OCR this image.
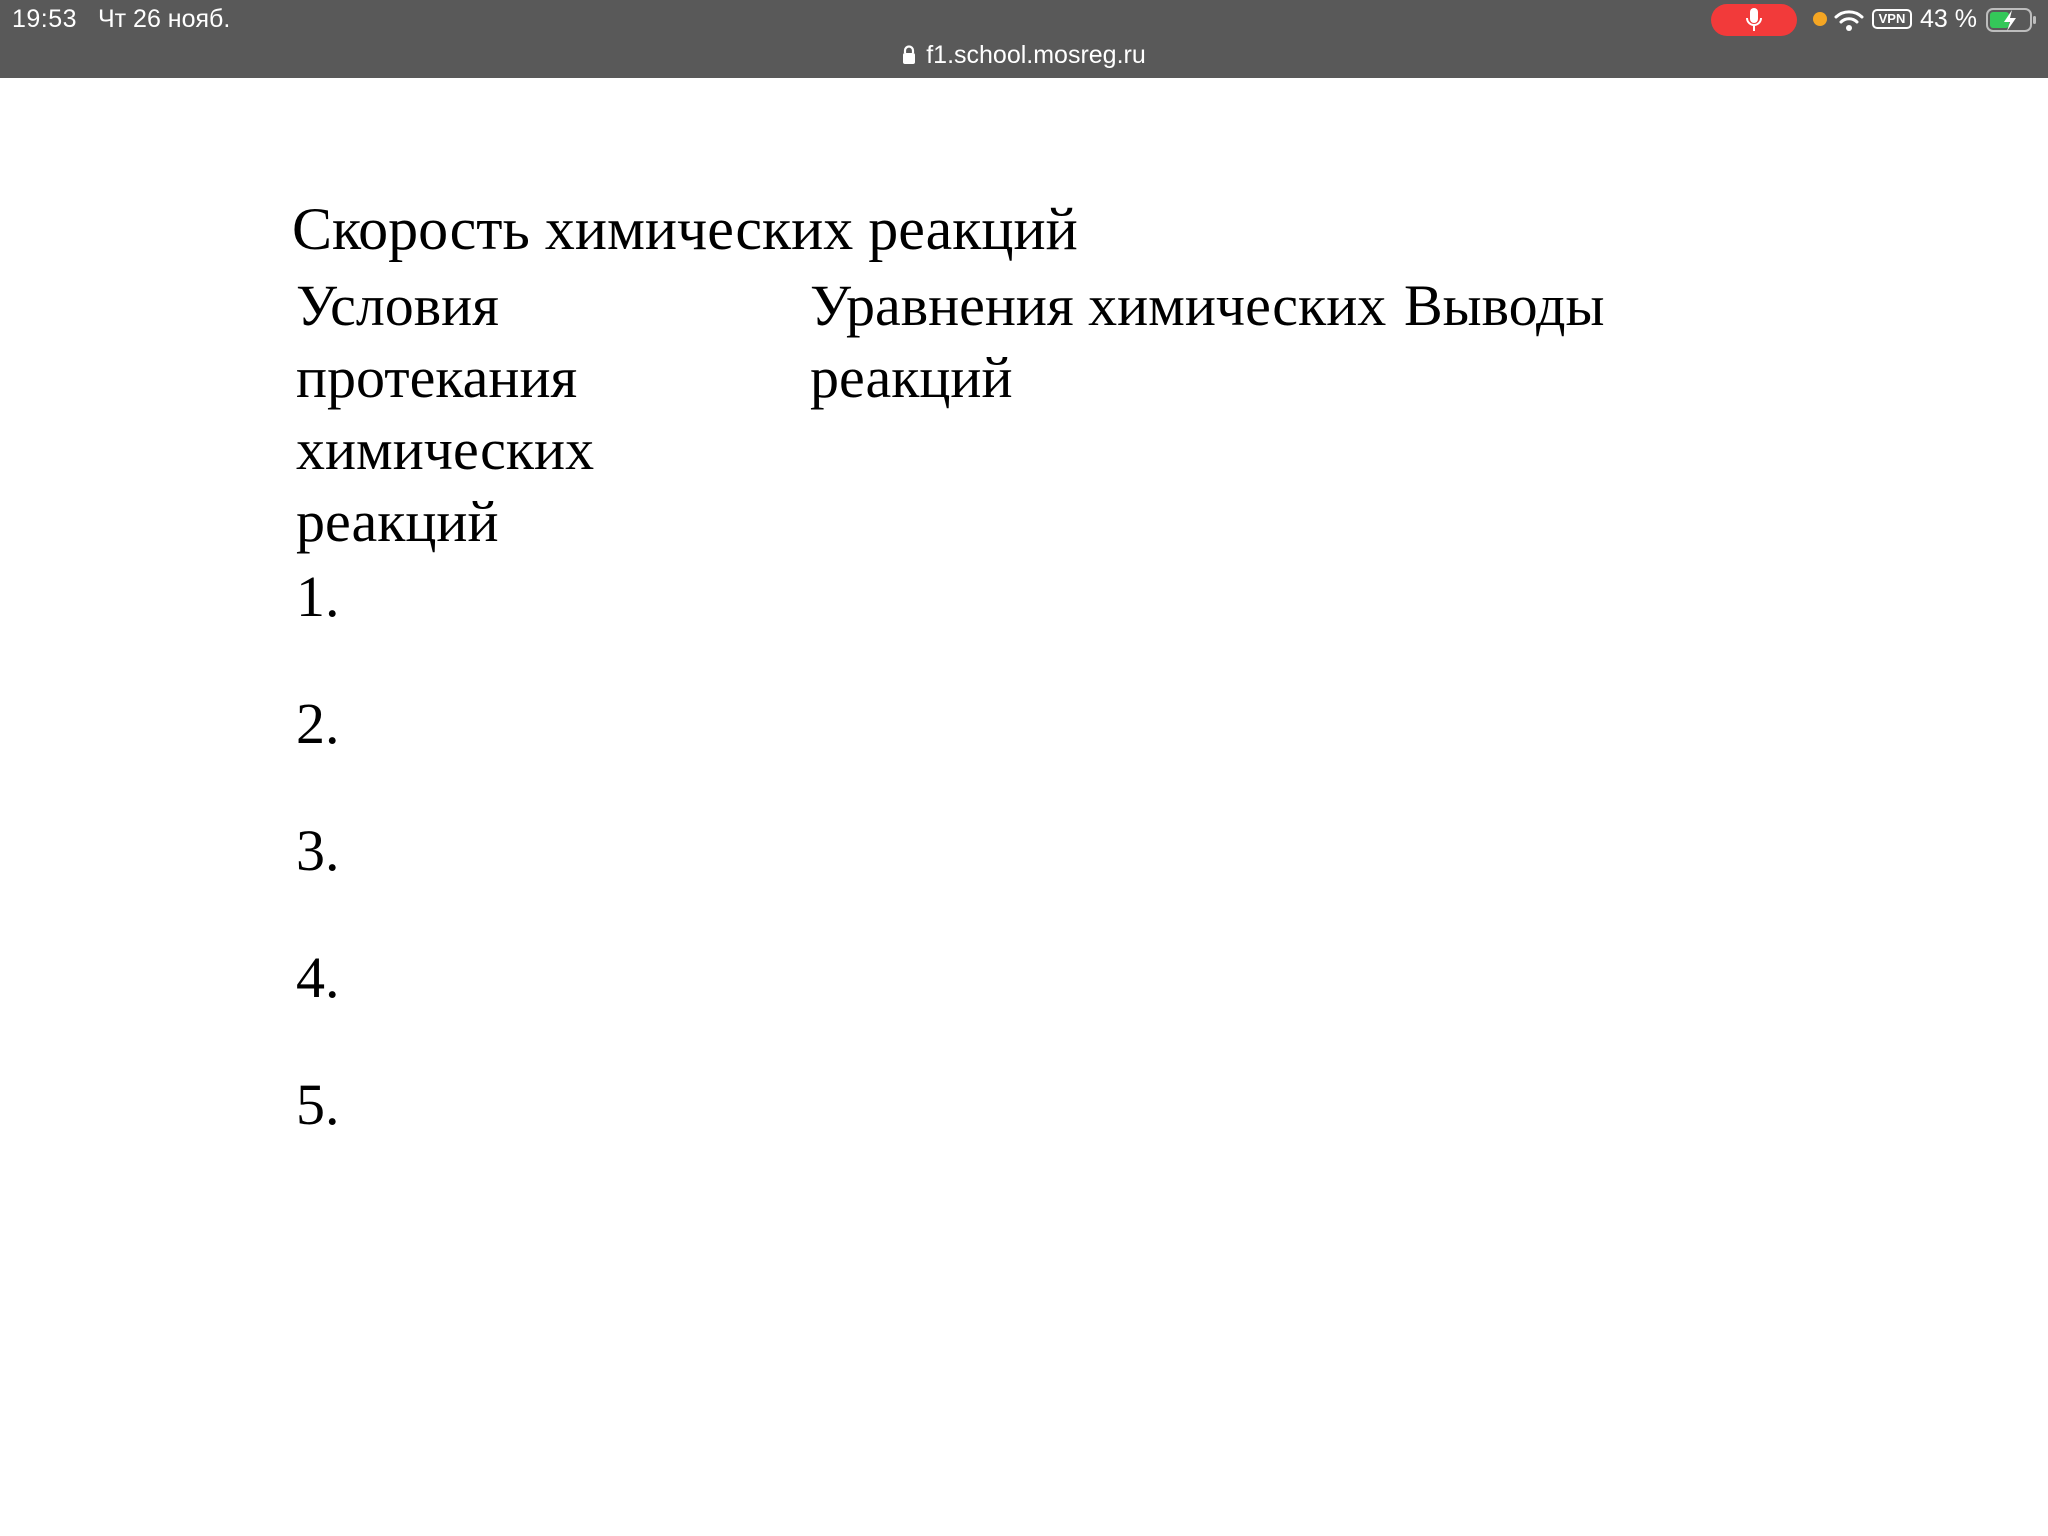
19:53 Чт 26 нояб.
f1.school.mosreg.ru
VPN 43 %
Скорость химических реакций
Условия протекания химических реакций
Уравнения химических реакций
Выводы
1.
2.
3.
4.
5.
